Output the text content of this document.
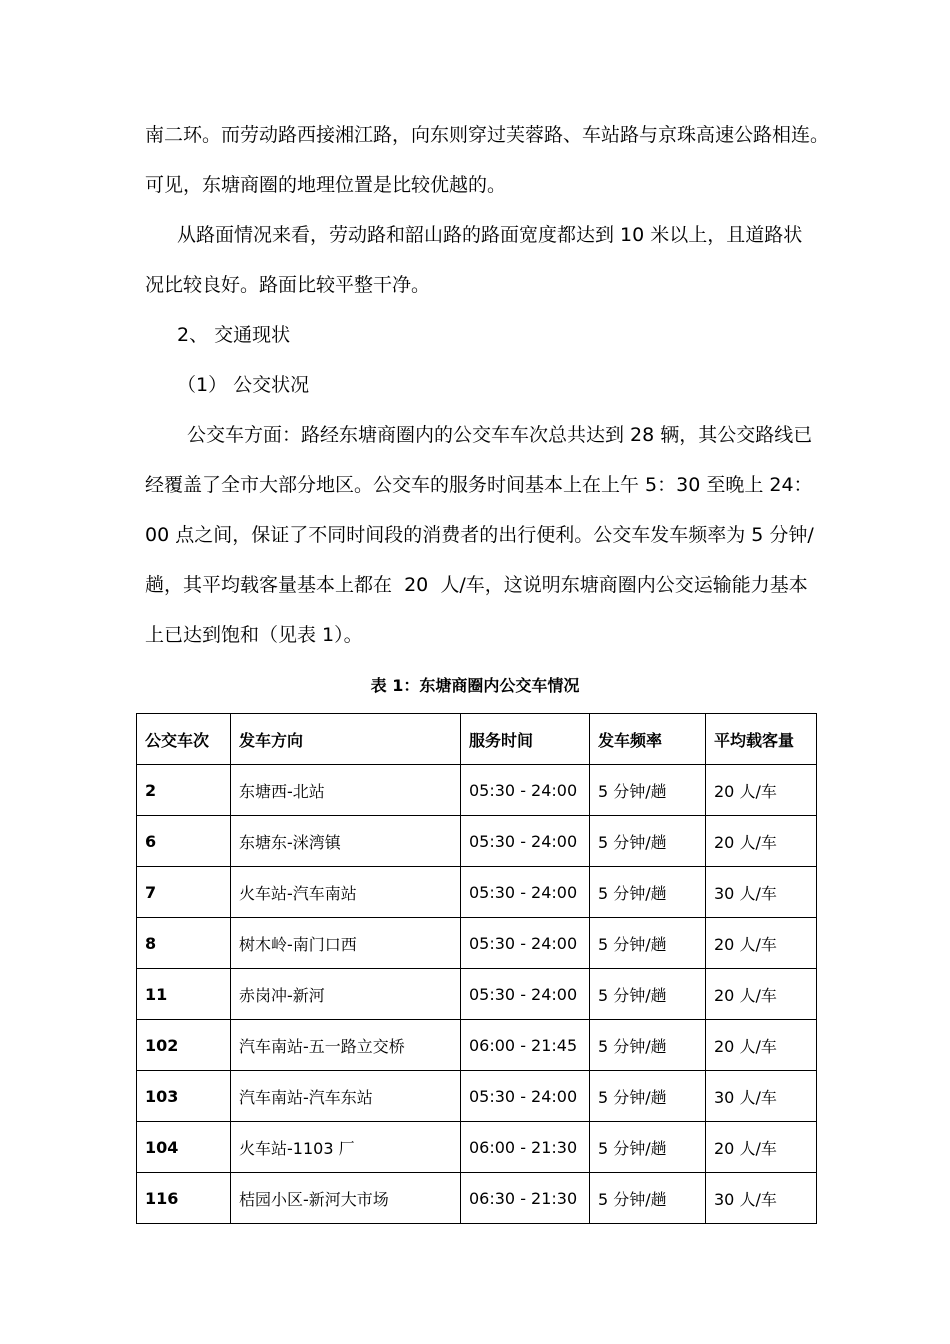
南二环。而劳动路西接湘江路，向东则穿过芙蓉路、车站路与京珠高速公路相连。
可见，东塘商圈的地理位置是比较优越的。
从路面情况来看，劳动路和韶山路的路面宽度都达到 10 米以上，且道路状
况比较良好。路面比较平整干净。
2、 交通现状
（1） 公交状况
公交车方面：路经东塘商圈内的公交车车次总共达到 28 辆，其公交路线已
经覆盖了全市大部分地区。公交车的服务时间基本上在上午 5：30 至晚上 24：
00 点之间，保证了不同时间段的消费者的出行便利。公交车发车频率为 5 分钟/
趟，其平均载客量基本上都在  20  人/车，这说明东塘商圈内公交运输能力基本
上已达到饱和（见表 1）。
表 1：东塘商圈内公交车情况
公交车次	发车方向	服务时间	发车频率	平均载客量
2	东塘西-北站	05:30 - 24:00	5 分钟/趟	20 人/车
6	东塘东-洣湾镇	05:30 - 24:00	5 分钟/趟	20 人/车
7	火车站-汽车南站	05:30 - 24:00	5 分钟/趟	30 人/车
8	树木岭-南门口西	05:30 - 24:00	5 分钟/趟	20 人/车
11	赤岗冲-新河	05:30 - 24:00	5 分钟/趟	20 人/车
102	汽车南站-五一路立交桥	06:00 - 21:45	5 分钟/趟	20 人/车
103	汽车南站-汽车东站	05:30 - 24:00	5 分钟/趟	30 人/车
104	火车站-1103 厂	06:00 - 21:30	5 分钟/趟	20 人/车
116	桔园小区-新河大市场	06:30 - 21:30	5 分钟/趟	30 人/车
